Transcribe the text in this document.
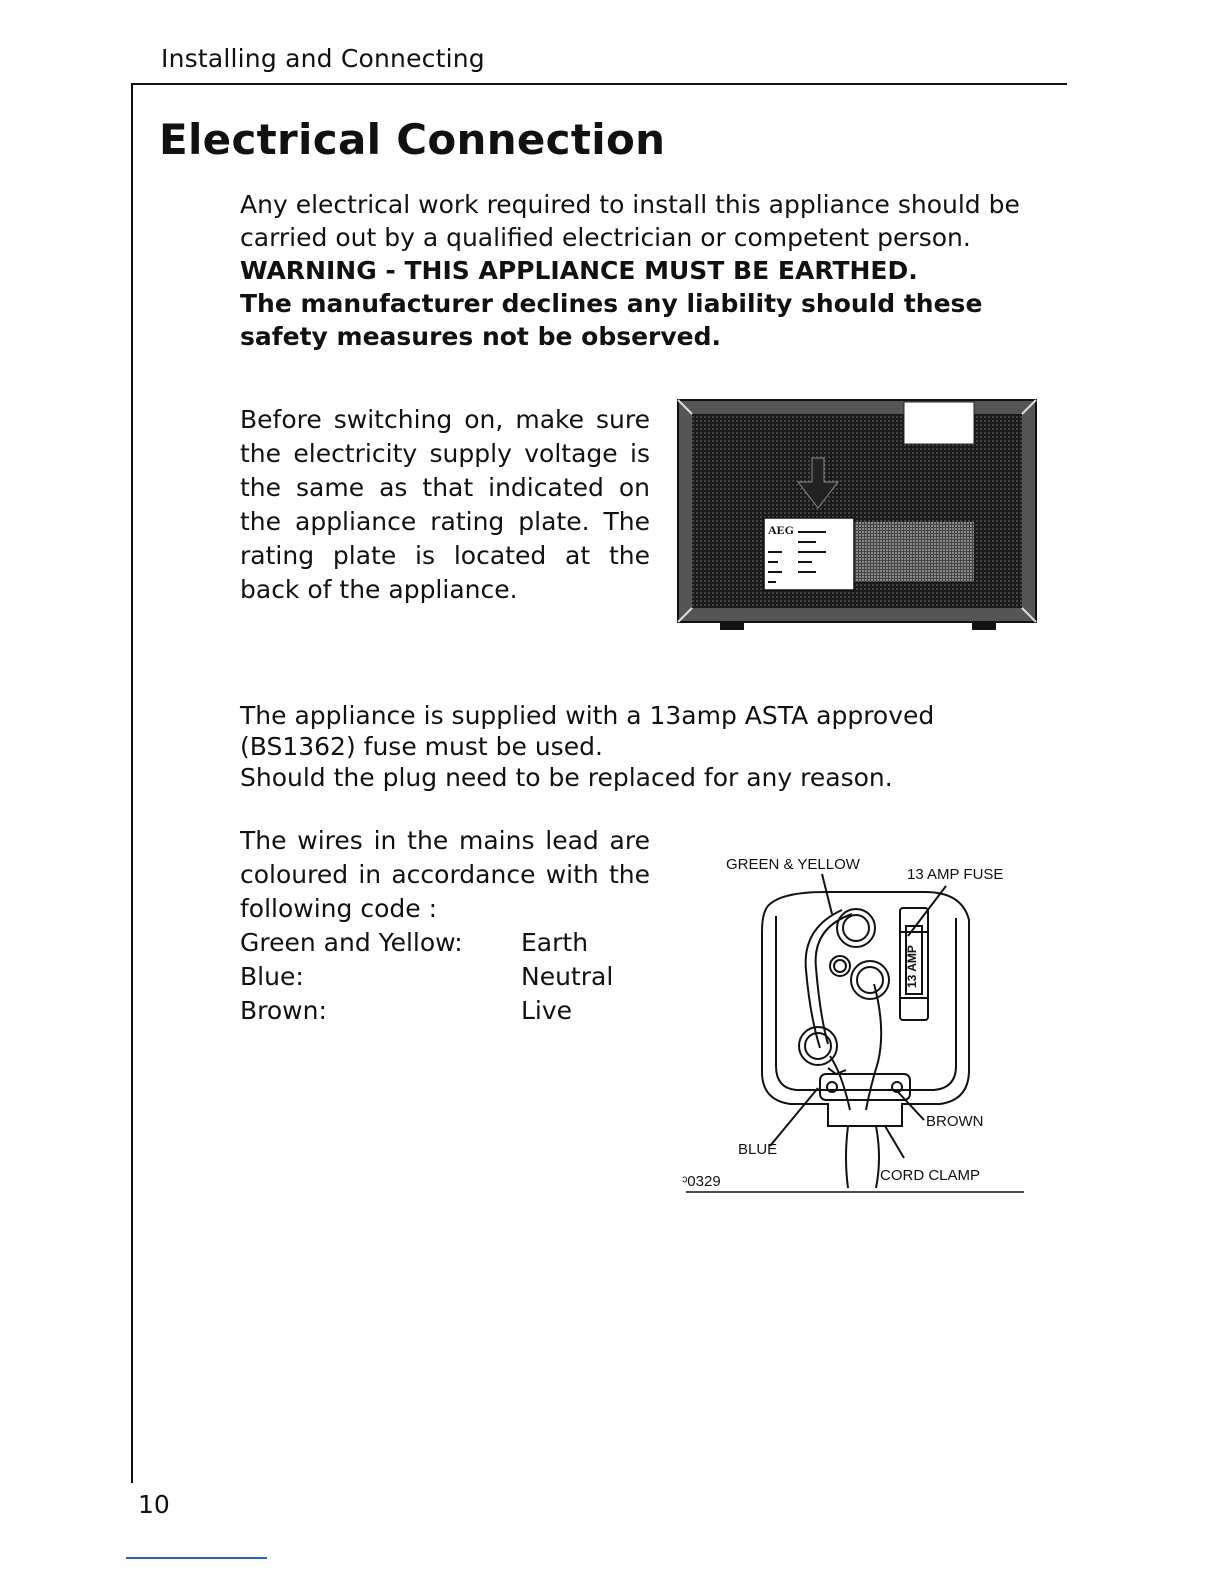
Installing and Connecting
Electrical Connection
Any electrical work required to install this appliance should be carried out by a qualified electrician or competent person.
WARNING - THIS APPLIANCE MUST BE EARTHED.
The manufacturer declines any liability should these safety measures not be observed.
Before switching on, make sure the electricity supply voltage is the same as that indicated on the appliance rating plate. The rating plate is located at the back of the appliance.
AEG
The appliance is supplied with a 13amp ASTA approved (BS1362) fuse must be used.
Should the plug need to be replaced for any reason.
The wires in the mains lead are coloured in accordance with the following code :
Green and Yellow:	Earth
Blue:	Neutral
Brown:	Live
GREEN & YELLOW
13 AMP FUSE
13 AMP
BROWN
BLUE
CORD CLAMP
ᵓ0329
10
